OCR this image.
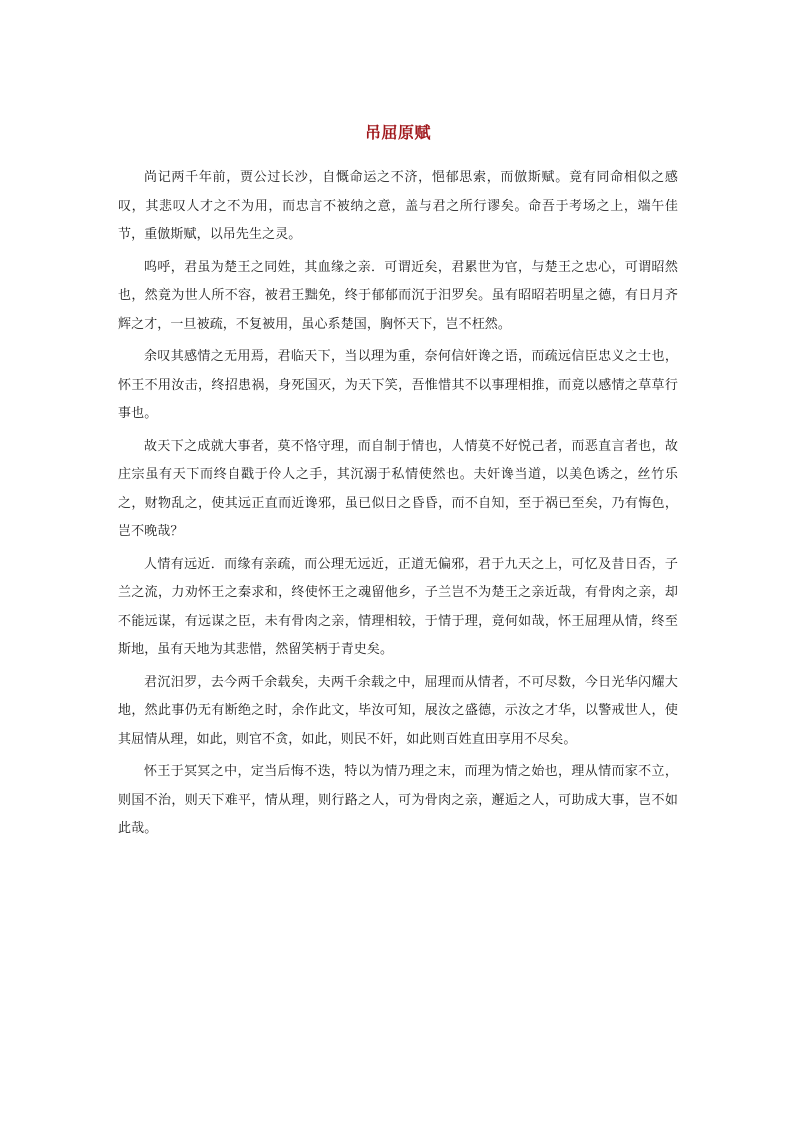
吊屈原赋

尚记两千年前，贾公过长沙，自慨命运之不济，悒郁思索，而倣斯赋。竟有同命相似之感叹，其悲叹人才之不为用，而忠言不被纳之意，盖与君之所行谬矣。命吾于考场之上，端午佳节，重倣斯赋，以吊先生之灵。

呜呼，君虽为楚王之同姓，其血缘之亲．可谓近矣，君累世为官，与楚王之忠心，可谓昭然也，然竟为世人所不容，被君王黜免，终于郁郁而沉于汨罗矣。虽有昭昭若明星之德，有日月齐辉之才，一旦被疏，不复被用，虽心系楚国，胸怀天下，岂不枉然。

余叹其感情之无用焉，君临天下，当以理为重，奈何信奸谗之语，而疏远信臣忠义之士也，怀王不用汝击，终招患祸，身死国灭，为天下笑，吾惟惜其不以事理相推，而竟以感情之草草行事也。

故天下之成就大事者，莫不恪守理，而自制于情也，人情莫不好悦己者，而恶直言者也，故庄宗虽有天下而终自戳于伶人之手，其沉溺于私情使然也。夫奸谗当道，以美色诱之，丝竹乐之，财物乱之，使其远正直而近谗邪，虽已似日之昏昏，而不自知，至于祸已至矣，乃有悔色，岂不晚哉？

人情有远近．而缘有亲疏，而公理无远近，正道无偏邪，君于九天之上，可忆及昔日否，子兰之流，力劝怀王之秦求和，终使怀王之魂留他乡，子兰岂不为楚王之亲近哉，有骨肉之亲，却不能远谋，有远谋之臣，未有骨肉之亲，情理相较，于情于理，竟何如哉，怀王屈理从情，终至斯地，虽有天地为其悲惜，然留笑柄于青史矣。

君沉汨罗，去今两千余载矣，夫两千余载之中，屈理而从情者，不可尽数，今日光华闪耀大地，然此事仍无有断绝之时，余作此文，毕汝可知，展汝之盛德，示汝之才华，以警戒世人，使其屈情从理，如此，则官不贪，如此，则民不奸，如此则百姓直田享用不尽矣。

怀王于冥冥之中，定当后悔不迭，特以为情乃理之末，而理为情之始也，理从情而家不立，则国不治，则天下难平，情从理，则行路之人，可为骨肉之亲，邂逅之人，可助成大事，岂不如此哉。
